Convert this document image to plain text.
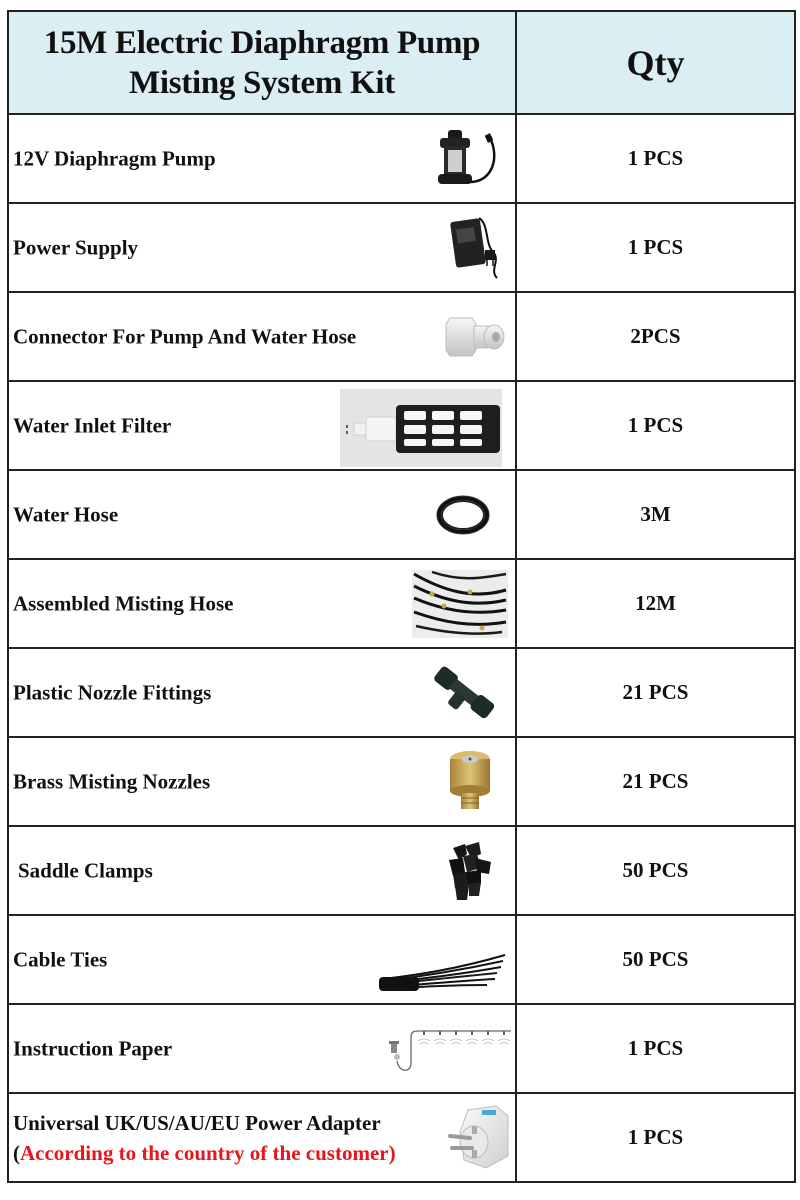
15M Electric Diaphragm Pump
Misting System Kit	Qty

12V Diaphragm Pump	1 PCS

Power Supply	1 PCS

Connector For Pump And Water Hose	2PCS

Water Inlet Filter	1 PCS

Water Hose	3M

Assembled Misting Hose	12M

Plastic Nozzle Fittings	21 PCS

Brass Misting Nozzles	21 PCS

Saddle Clamps	50 PCS

Cable Ties	50 PCS

Instruction Paper	1 PCS

Universal UK/US/AU/EU Power Adapter
(According to the country of the customer)	1 PCS
